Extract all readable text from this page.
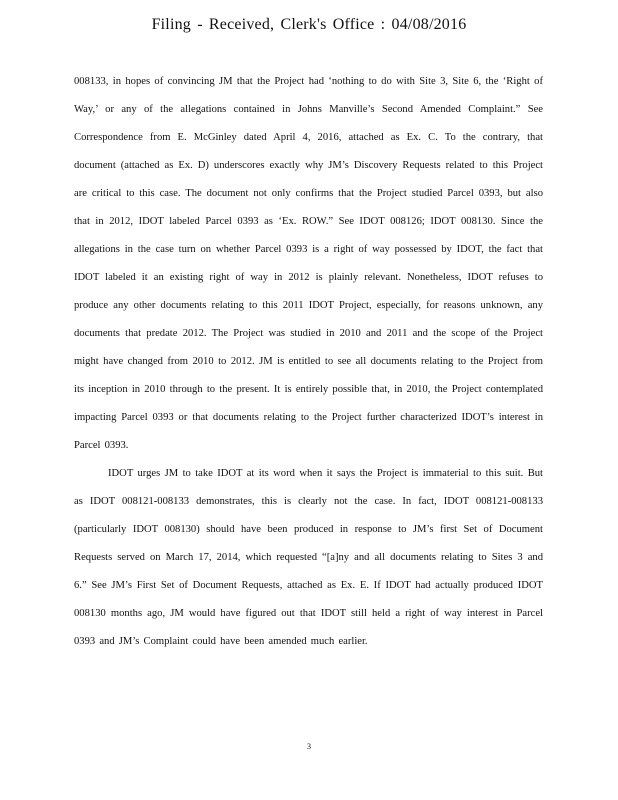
Filing - Received, Clerk's Office : 04/08/2016

008133, in hopes of convincing JM that the Project had ‘nothing to do with Site 3, Site 6, the ‘Right of Way,’ or any of the allegations contained in Johns Manville’s Second Amended Complaint.” See Correspondence from E. McGinley dated April 4, 2016, attached as Ex. C. To the contrary, that document (attached as Ex. D) underscores exactly why JM’s Discovery Requests related to this Project are critical to this case. The document not only confirms that the Project studied Parcel 0393, but also that in 2012, IDOT labeled Parcel 0393 as ‘Ex. ROW.” See IDOT 008126; IDOT 008130. Since the allegations in the case turn on whether Parcel 0393 is a right of way possessed by IDOT, the fact that IDOT labeled it an existing right of way in 2012 is plainly relevant. Nonetheless, IDOT refuses to produce any other documents relating to this 2011 IDOT Project, especially, for reasons unknown, any documents that predate 2012. The Project was studied in 2010 and 2011 and the scope of the Project might have changed from 2010 to 2012. JM is entitled to see all documents relating to the Project from its inception in 2010 through to the present. It is entirely possible that, in 2010, the Project contemplated impacting Parcel 0393 or that documents relating to the Project further characterized IDOT’s interest in Parcel 0393.

IDOT urges JM to take IDOT at its word when it says the Project is immaterial to this suit. But as IDOT 008121-008133 demonstrates, this is clearly not the case. In fact, IDOT 008121-008133 (particularly IDOT 008130) should have been produced in response to JM’s first Set of Document Requests served on March 17, 2014, which requested “[a]ny and all documents relating to Sites 3 and 6.” See JM’s First Set of Document Requests, attached as Ex. E. If IDOT had actually produced IDOT 008130 months ago, JM would have figured out that IDOT still held a right of way interest in Parcel 0393 and JM’s Complaint could have been amended much earlier.

3
